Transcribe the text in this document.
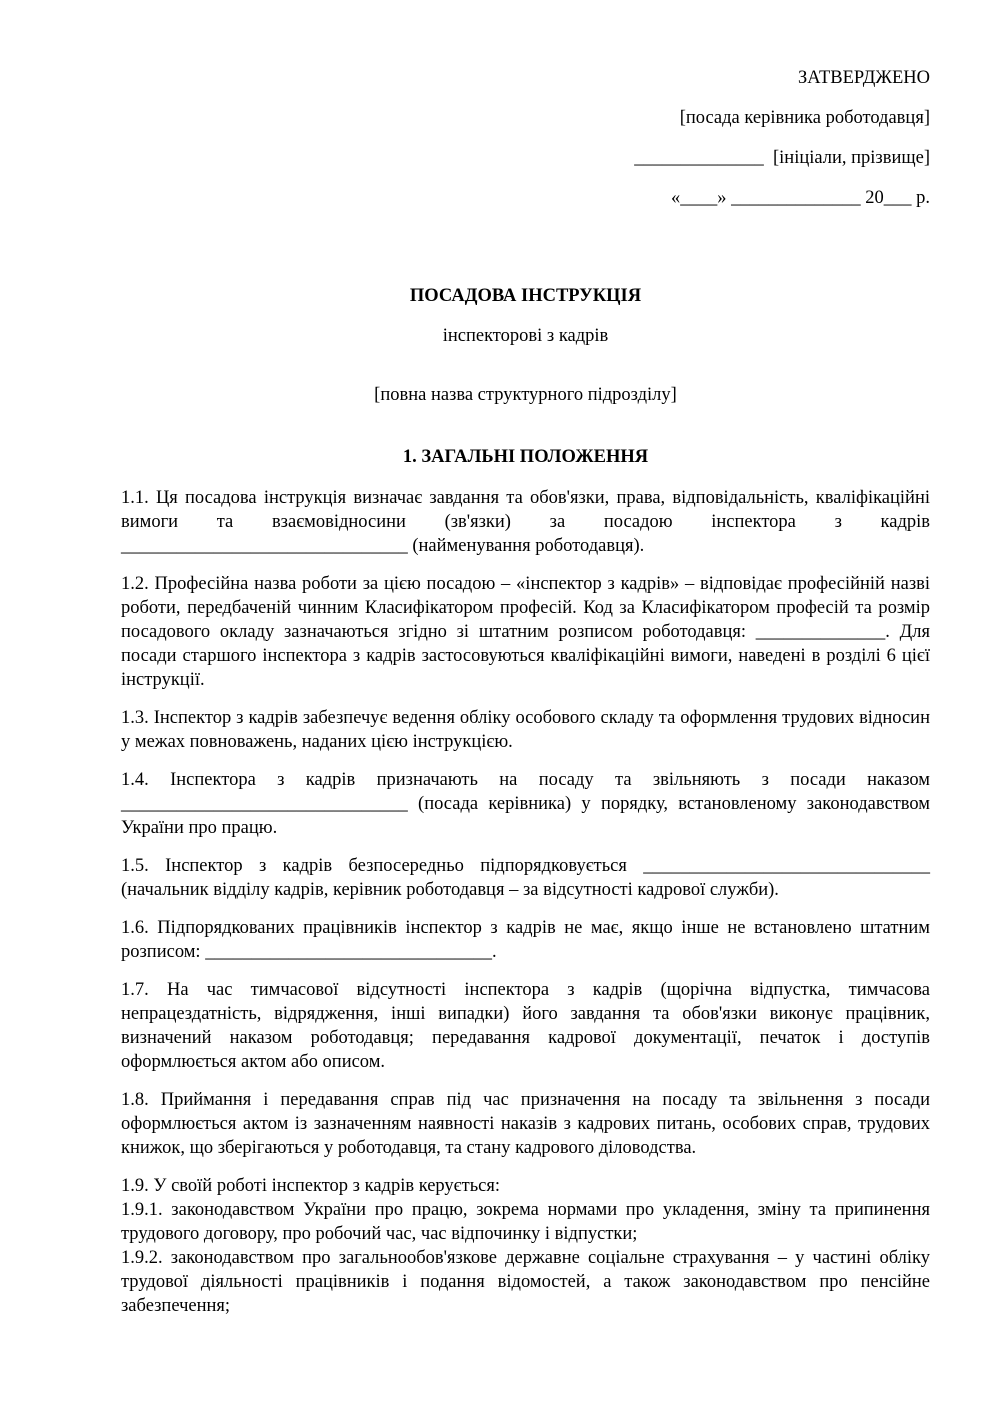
ЗАТВЕРДЖЕНО

[посада керівника роботодавця]

______________  [ініціали, прізвище]

«____» ______________ 20___ р.

ПОСАДОВА ІНСТРУКЦІЯ

інспекторові з кадрів

[повна назва структурного підрозділу]

1. ЗАГАЛЬНІ ПОЛОЖЕННЯ

1.1. Ця посадова інструкція визначає завдання та обов'язки, права, відповідальність, кваліфікаційні вимоги та взаємовідносини (зв'язки) за посадою інспектора з кадрів _______________________________ (найменування роботодавця).

1.2. Професійна назва роботи за цією посадою – «інспектор з кадрів» – відповідає професійній назві роботи, передбаченій чинним Класифікатором професій. Код за Класифікатором професій та розмір посадового окладу зазначаються згідно зі штатним розписом роботодавця: ______________. Для посади старшого інспектора з кадрів застосовуються кваліфікаційні вимоги, наведені в розділі 6 цієї інструкції.

1.3. Інспектор з кадрів забезпечує ведення обліку особового складу та оформлення трудових відносин у межах повноважень, наданих цією інструкцією.

1.4. Інспектора з кадрів призначають на посаду та звільняють з посади наказом _______________________________ (посада керівника) у порядку, встановленому законодавством України про працю.

1.5. Інспектор з кадрів безпосередньо підпорядковується _______________________________ (начальник відділу кадрів, керівник роботодавця – за відсутності кадрової служби).

1.6. Підпорядкованих працівників інспектор з кадрів не має, якщо інше не встановлено штатним розписом: _______________________________.

1.7. На час тимчасової відсутності інспектора з кадрів (щорічна відпустка, тимчасова непрацездатність, відрядження, інші випадки) його завдання та обов'язки виконує працівник, визначений наказом роботодавця; передавання кадрової документації, печаток і доступів оформлюється актом або описом.

1.8. Приймання і передавання справ під час призначення на посаду та звільнення з посади оформлюється актом із зазначенням наявності наказів з кадрових питань, особових справ, трудових книжок, що зберігаються у роботодавця, та стану кадрового діловодства.

1.9. У своїй роботі інспектор з кадрів керується:

1.9.1. законодавством України про працю, зокрема нормами про укладення, зміну та припинення трудового договору, про робочий час, час відпочинку і відпустки;

1.9.2. законодавством про загальнообов'язкове державне соціальне страхування – у частині обліку трудової діяльності працівників і подання відомостей, а також законодавством про пенсійне забезпечення;
